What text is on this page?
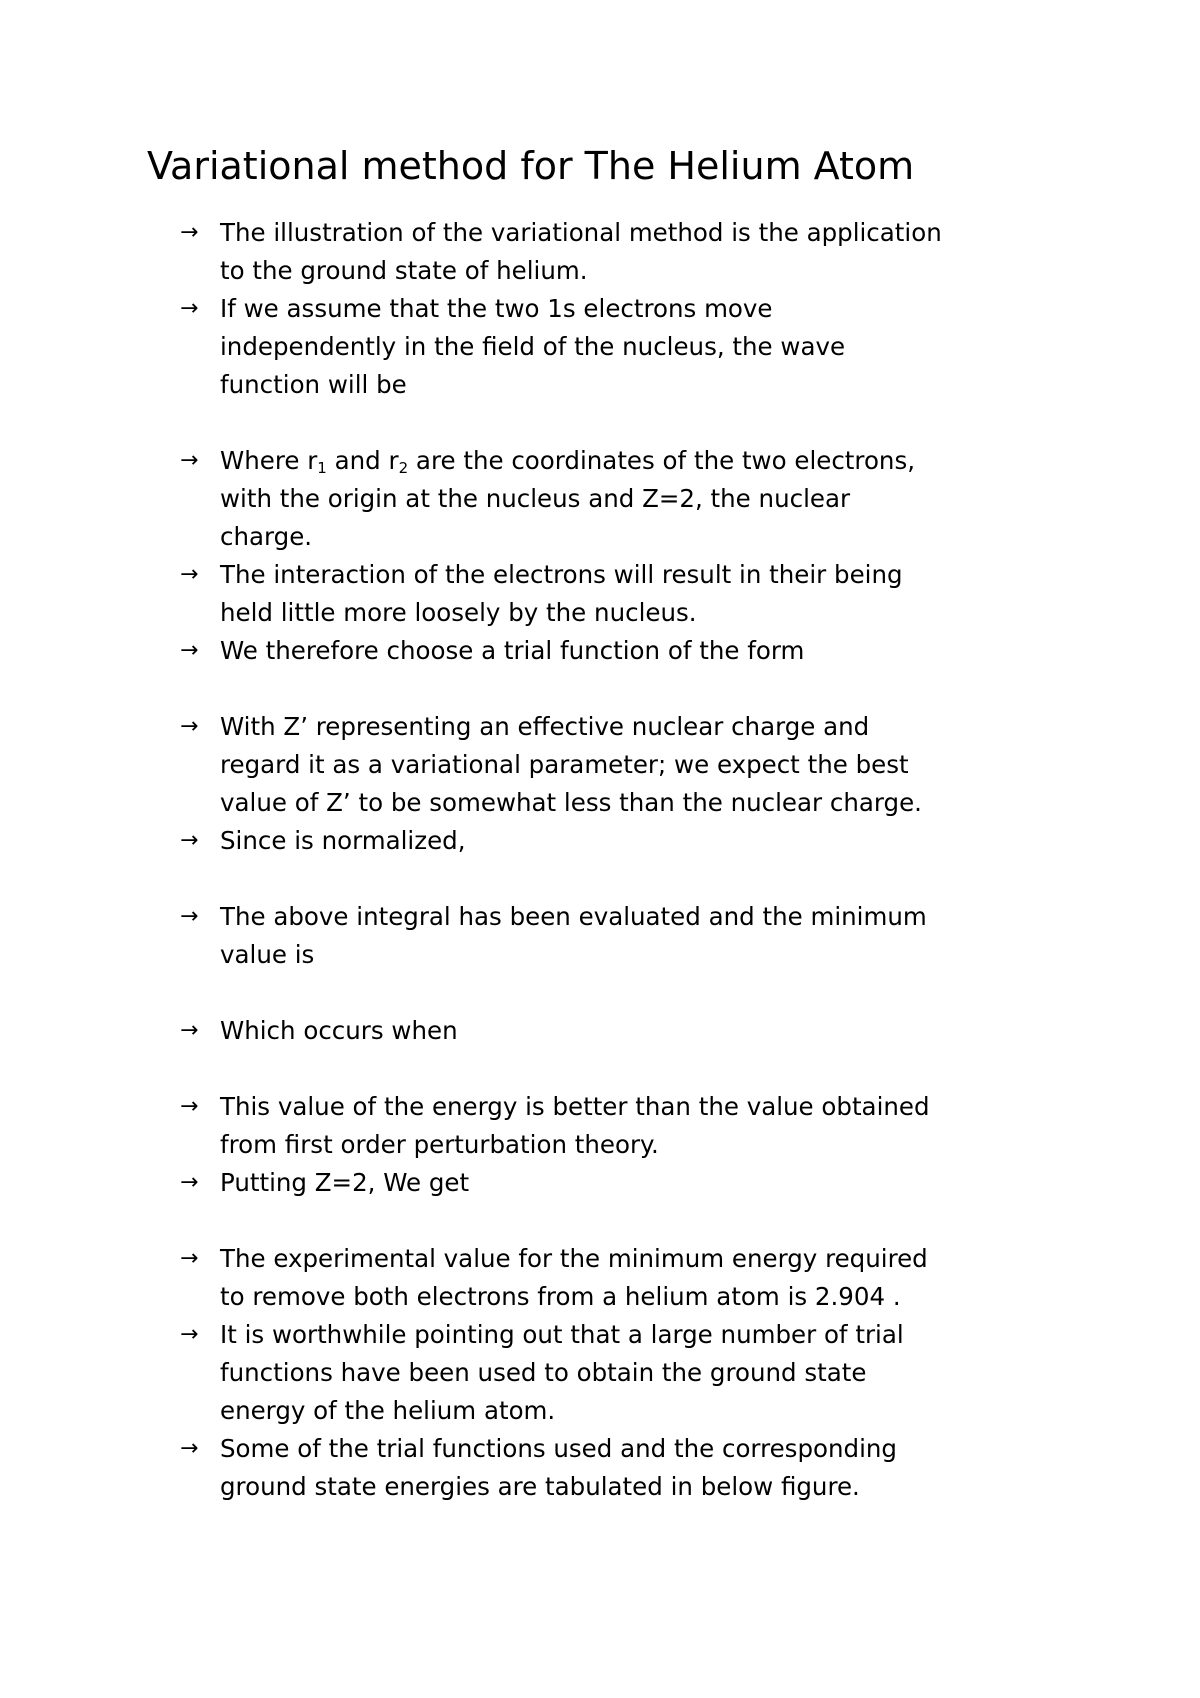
Variational method for The Helium Atom
→ The illustration of the variational method is the application
to the ground state of helium.
→ If we assume that the two 1s electrons move
independently in the field of the nucleus, the wave
function will be
→ Where $r_1$ and $r_2$ are the coordinates of the two electrons,
with the origin at the nucleus and Z=2, the nuclear
charge.
→ The interaction of the electrons will result in their being
held little more loosely by the nucleus.
→ We therefore choose a trial function of the form
→ With Z’ representing an effective nuclear charge and
regard it as a variational parameter; we expect the best
value of Z’ to be somewhat less than the nuclear charge.
→ Since is normalized,
→ The above integral has been evaluated and the minimum
value is
→ Which occurs when
→ This value of the energy is better than the value obtained
from first order perturbation theory.
→ Putting Z=2, We get
→ The experimental value for the minimum energy required
to remove both electrons from a helium atom is 2.904 .
→ It is worthwhile pointing out that a large number of trial
functions have been used to obtain the ground state
energy of the helium atom.
→ Some of the trial functions used and the corresponding
ground state energies are tabulated in below figure.
